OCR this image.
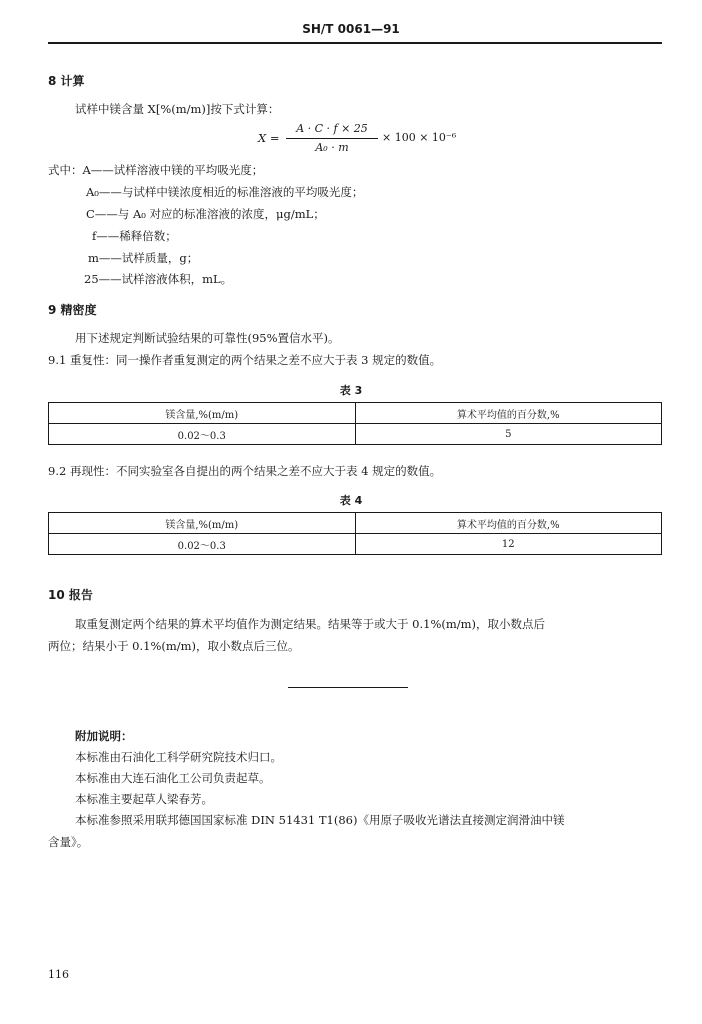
SH/T 0061—91
8 计算
试样中镁含量 X[%(m/m)]按下式计算：
X =
A · C · f × 25
A₀ · m
× 100 × 10⁻⁶
式中：A——试样溶液中镁的平均吸光度；
A₀——与试样中镁浓度相近的标准溶液的平均吸光度；
C——与 A₀ 对应的标准溶液的浓度，μg/mL；
f——稀释倍数；
m——试样质量，g；
25——试样溶液体积，mL。
9 精密度
用下述规定判断试验结果的可靠性(95%置信水平)。
9.1 重复性：同一操作者重复测定的两个结果之差不应大于表 3 规定的数值。
表 3
镁含量,%(m/m)	算术平均值的百分数,%
0.02～0.3	5
9.2 再现性：不同实验室各自提出的两个结果之差不应大于表 4 规定的数值。
表 4
镁含量,%(m/m)	算术平均值的百分数,%
0.02～0.3	12
10 报告
取重复测定两个结果的算术平均值作为测定结果。结果等于或大于 0.1%(m/m)，取小数点后
两位；结果小于 0.1%(m/m)，取小数点后三位。
附加说明：
本标准由石油化工科学研究院技术归口。
本标准由大连石油化工公司负责起草。
本标准主要起草人梁春芳。
本标准参照采用联邦德国国家标准 DIN 51431 T1(86)《用原子吸收光谱法直接测定润滑油中镁
含量》。
116
